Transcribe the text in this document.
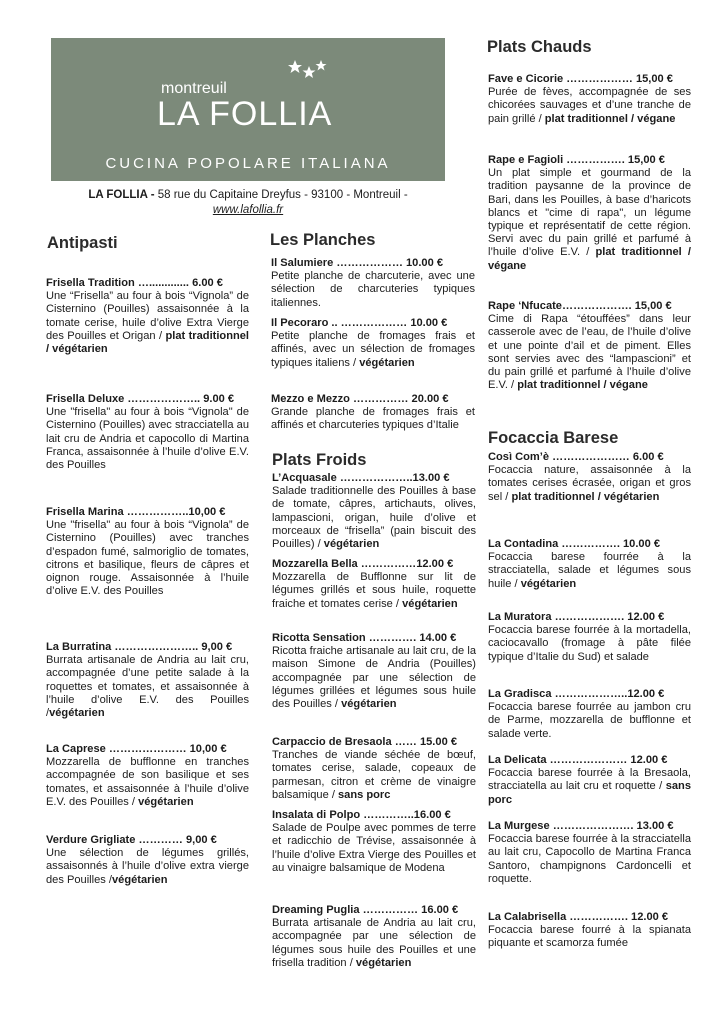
montreuil
LA FOLLIA
CUCINA POPOLARE ITALIANA
LA FOLLIA - 58 rue du Capitaine Dreyfus - 93100 - Montreuil -
www.lafollia.fr
Antipasti	Les Planches
Plats Froids
Plats Chauds
Focaccia Barese
Frisella Tradition …............. 6.00 €
Une “Frisella” au four à bois “Vignola” de Cisternino (Pouilles) assaisonnée à la tomate cerise, huile d’olive Extra Vierge des Pouilles et Origan / plat traditionnel / végétarien
Frisella Deluxe ……………….. 9.00 €
Une "frisella" au four à bois “Vignola" de Cisternino (Pouilles) avec stracciatella au lait cru de Andria et capocollo di Martina Franca, assaisonnée à l’huile d’olive E.V. des Pouilles
Frisella Marina ……………..10,00 €
Une "frisella" au four à bois “Vignola” de Cisternino (Pouilles) avec tranches d’espadon fumé, salmoriglio de tomates, citrons et basilique, fleurs de câpres et oignon rouge. Assaisonnée à l’huile d’olive E.V. des Pouilles
La Burratina ………………….. 9,00 €
Burrata artisanale de Andria au lait cru, accompagnée d’une petite salade à la roquettes et tomates, et assaisonnée à l’huile d’olive E.V. des Pouilles /végétarien
La Caprese ………………… 10,00 €
Mozzarella de bufflonne en tranches accompagnée de son basilique et ses tomates, et assaisonnée à l’huile d’olive E.V. des Pouilles / végétarien
Verdure Grigliate ………… 9,00 €
Une sélection de légumes grillés, assaisonnés à l’huile d’olive extra vierge des Pouilles /végétarien
Il Salumiere ……………… 10.00 €
Petite planche de charcuterie, avec une sélection de charcuteries typiques italiennes.
Il Pecoraro .. ……………… 10.00 €
Petite planche de fromages frais et affinés, avec un sélection de fromages typiques italiens / végétarien
Mezzo e Mezzo …………… 20.00 €
Grande planche de fromages frais et affinés et charcuteries typiques d’Italie
L’Acquasale ………………..13.00 €
Salade traditionnelle des Pouilles à base de tomate, câpres, artichauts, olives, lampascioni, origan, huile d’olive et morceaux de “frisella” (pain biscuit des Pouilles) / végétarien
Mozzarella Bella ……………12.00 €
Mozzarella de Bufflonne sur lit de légumes grillés et sous huile, roquette fraiche et tomates cerise / végétarien
Ricotta Sensation …………. 14.00 €
Ricotta fraiche artisanale au lait cru, de la maison Simone de Andria (Pouilles) accompagnée par une sélection de légumes grillées et légumes sous huile des Pouilles / végétarien
Carpaccio de Bresaola …… 15.00 €
Tranches de viande séchée de bœuf, tomates cerise, salade, copeaux de parmesan, citron et crème de vinaigre balsamique / sans porc
Insalata di Polpo …………..16.00 €
Salade de Poulpe avec pommes de terre et radicchio de Trévise, assaisonnée à l’huile d’olive Extra Vierge des Pouilles et au vinaigre balsamique de Modena
Dreaming Puglia …………… 16.00 €
Burrata artisanale de Andria au lait cru, accompagnée par une sélection de légumes sous huile des Pouilles et une frisella tradition / végétarien
Fave e Cicorie ……………… 15,00 €
Purée de fèves, accompagnée de ses chicorées sauvages et d’une tranche de pain grillé / plat traditionnel / végane
Rape e Fagioli ……………. 15,00 €
Un plat simple et gourmand de la tradition paysanne de la province de Bari, dans les Pouilles, à base d’haricots blancs et "cime di rapa", un légume typique et représentatif de cette région. Servi avec du pain grillé et parfumé à l’huile d’olive E.V. / plat traditionnel / végane
Rape ‘Nfucate………………. 15,00 €
Cime di Rapa “étouffées” dans leur casserole avec de l’eau, de l’huile d’olive et une pointe d’ail et de piment. Elles sont servies avec des “lampascioni” et du pain grillé et parfumé à l’huile d’olive E.V. / plat traditionnel / végane
Così Com’è ………………… 6.00 €
Focaccia nature, assaisonnée à la tomates cerises écrasée, origan et gros sel / plat traditionnel / végétarien
La Contadina ……………. 10.00 €
Focaccia barese fourrée à la stracciatella, salade et légumes sous huile / végétarien
La Muratora ………………. 12.00 €
Focaccia barese fourrée à la mortadella, caciocavallo (fromage à pâte filée typique d’Italie du Sud) et salade
La Gradisca ………………..12.00 €
Focaccia barese fourrée au jambon cru de Parme, mozzarella de bufflonne et salade verte.
La Delicata ………………… 12.00 €
Focaccia barese fourrée à la Bresaola, stracciatella au lait cru et roquette / sans porc
La Murgese …………………. 13.00 €
Focaccia barese fourrée à la stracciatella au lait cru, Capocollo de Martina Franca Santoro, champignons Cardoncelli et roquette.
La Calabrisella ……………. 12.00 €
Focaccia barese fourré à la spianata piquante et scamorza fumée
